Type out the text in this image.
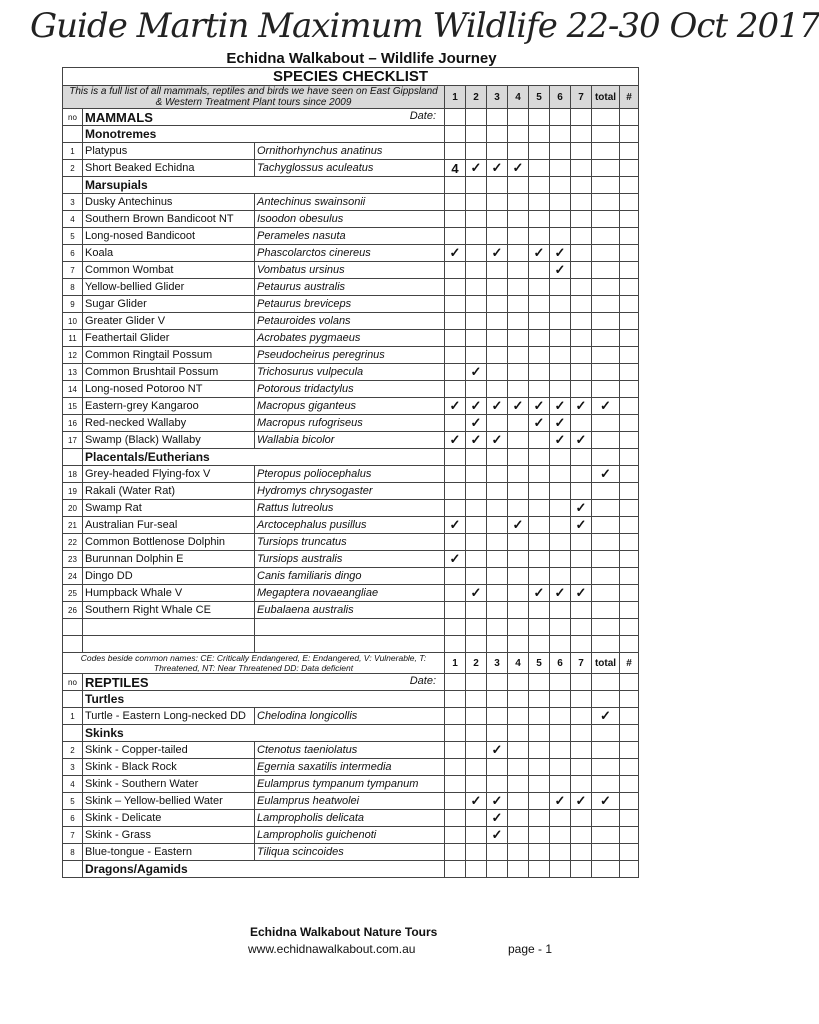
Guide Martin Maximum Wildlife 22-30 Oct 2017
Echidna Walkabout – Wildlife Journey
SPECIES CHECKLIST											
This is a full list of all mammals, reptiles and birds we have seen on East Gippsland & Western Treatment Plant tours since 2009			1	2	3	4	5	6	7	total	#
no	MAMMALS Date:										

	Monotremes										
1	Platypus	Ornithorhynchus anatinus									
2	Short Beaked Echidna	Tachyglossus aculeatus	4	✓	✓	✓					
	Marsupials										
3	Dusky Antechinus	Antechinus swainsonii									
4	Southern Brown Bandicoot NT	Isoodon obesulus									
5	Long-nosed Bandicoot	Perameles nasuta									
6	Koala	Phascolarctos cinereus	✓		✓		✓	✓			
7	Common Wombat	Vombatus ursinus						✓			
8	Yellow-bellied Glider	Petaurus australis									
9	Sugar Glider	Petaurus breviceps									
10	Greater Glider V	Petauroides volans									
11	Feathertail Glider	Acrobates pygmaeus									
12	Common Ringtail Possum	Pseudocheirus peregrinus									
13	Common Brushtail Possum	Trichosurus vulpecula		✓							
14	Long-nosed Potoroo NT	Potorous tridactylus									
15	Eastern-grey Kangaroo	Macropus giganteus	✓	✓	✓	✓	✓	✓	✓	✓	
16	Red-necked Wallaby	Macropus rufogriseus		✓			✓	✓			
17	Swamp (Black) Wallaby	Wallabia bicolor	✓	✓	✓			✓	✓		
	Placentals/Eutherians										
18	Grey-headed Flying-fox V	Pteropus poliocephalus								✓	
19	Rakali (Water Rat)	Hydromys chrysogaster									
20	Swamp Rat	Rattus lutreolus							✓		
21	Australian Fur-seal	Arctocephalus pusillus	✓			✓			✓		
22	Common Bottlenose Dolphin	Tursiops truncatus									
23	Burunnan Dolphin E	Tursiops australis	✓								
24	Dingo DD	Canis familiaris dingo									
25	Humpback Whale V	Megaptera novaeangliae		✓			✓	✓	✓		
26	Southern Right Whale CE	Eubalaena australis									

Codes beside common names: CE: Critically Endangered, E: Endangered, V: Vulnerable, T: Threatened, NT: Near Threatened DD: Data deficient			1	2	3	4	5	6	7	total	#
no	REPTILES Date:										

	Turtles										
1	Turtle - Eastern Long-necked DD	Chelodina longicollis								✓	
	Skinks										
2	Skink - Copper-tailed	Ctenotus taeniolatus			✓						
3	Skink - Black Rock	Egernia saxatilis intermedia									
4	Skink - Southern Water	Eulamprus tympanum tympanum									
5	Skink – Yellow-bellied Water	Eulamprus heatwolei		✓	✓			✓	✓	✓	
6	Skink - Delicate	Lampropholis delicata			✓						
7	Skink - Grass	Lampropholis guichenoti			✓						
8	Blue-tongue - Eastern	Tiliqua scincoides									
	Dragons/Agamids										
Echidna Walkabout Nature Tours
www.echidnawalkabout.com.au	page - 1
